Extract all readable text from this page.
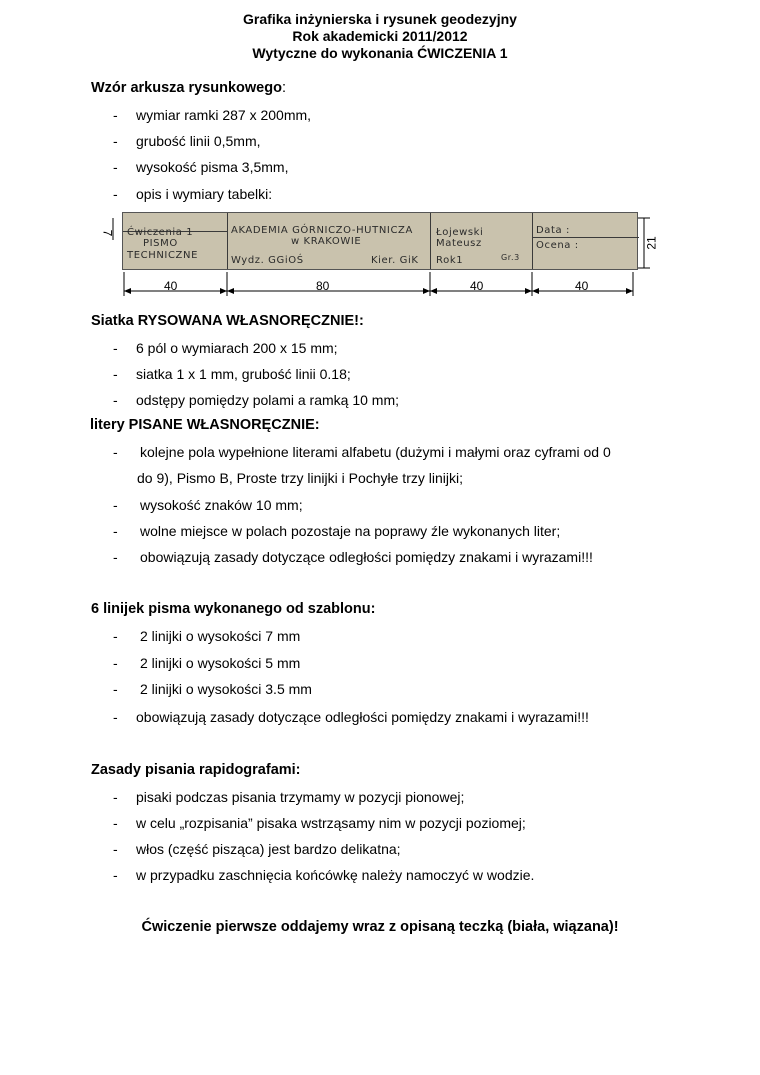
Grafika inżynierska i rysunek geodezyjny
Rok akademicki 2011/2012
Wytyczne do wykonania ĆWICZENIA 1
Wzór arkusza rysunkowego:
- wymiar ramki 287 x 200mm,
- grubość linii 0,5mm,
- wysokość pisma 3,5mm,
- opis i wymiary tabelki:
7
21
Ćwiczenia 1
PISMO
TECHNICZNE
AKADEMIA GÓRNICZO-HUTNICZA
w KRAKOWIE
Wydz. GGiOŚ	Kier. GiK
Łojewski
Mateusz
Rok1	Gr.3
Data :
Ocena :
40	80	40	40
Siatka RYSOWANA WŁASNORĘCZNIE!:
- 6 pól o wymiarach 200 x 15 mm;
- siatka 1 x 1 mm, grubość linii 0.18;
- odstępy pomiędzy polami a ramką 10 mm;
litery PISANE WŁASNORĘCZNIE:
- kolejne pola wypełnione literami alfabetu (dużymi i małymi oraz cyframi od 0
do 9), Pismo B, Proste trzy linijki i Pochyłe trzy linijki;
- wysokość znaków 10 mm;
- wolne miejsce w polach pozostaje na poprawy źle wykonanych liter;
- obowiązują zasady dotyczące odległości pomiędzy znakami i wyrazami!!!
6 linijek pisma wykonanego od szablonu:
- 2 linijki o wysokości 7 mm
- 2 linijki o wysokości 5 mm
- 2 linijki o wysokości 3.5 mm
- obowiązują zasady dotyczące odległości pomiędzy znakami i wyrazami!!!
Zasady pisania rapidografami:
- pisaki podczas pisania trzymamy w pozycji pionowej;
- w celu „rozpisania” pisaka wstrząsamy nim w pozycji poziomej;
- włos (część pisząca) jest bardzo delikatna;
- w przypadku zaschnięcia końcówkę należy namoczyć w wodzie.
Ćwiczenie pierwsze oddajemy wraz z opisaną teczką (biała, wiązana)!
